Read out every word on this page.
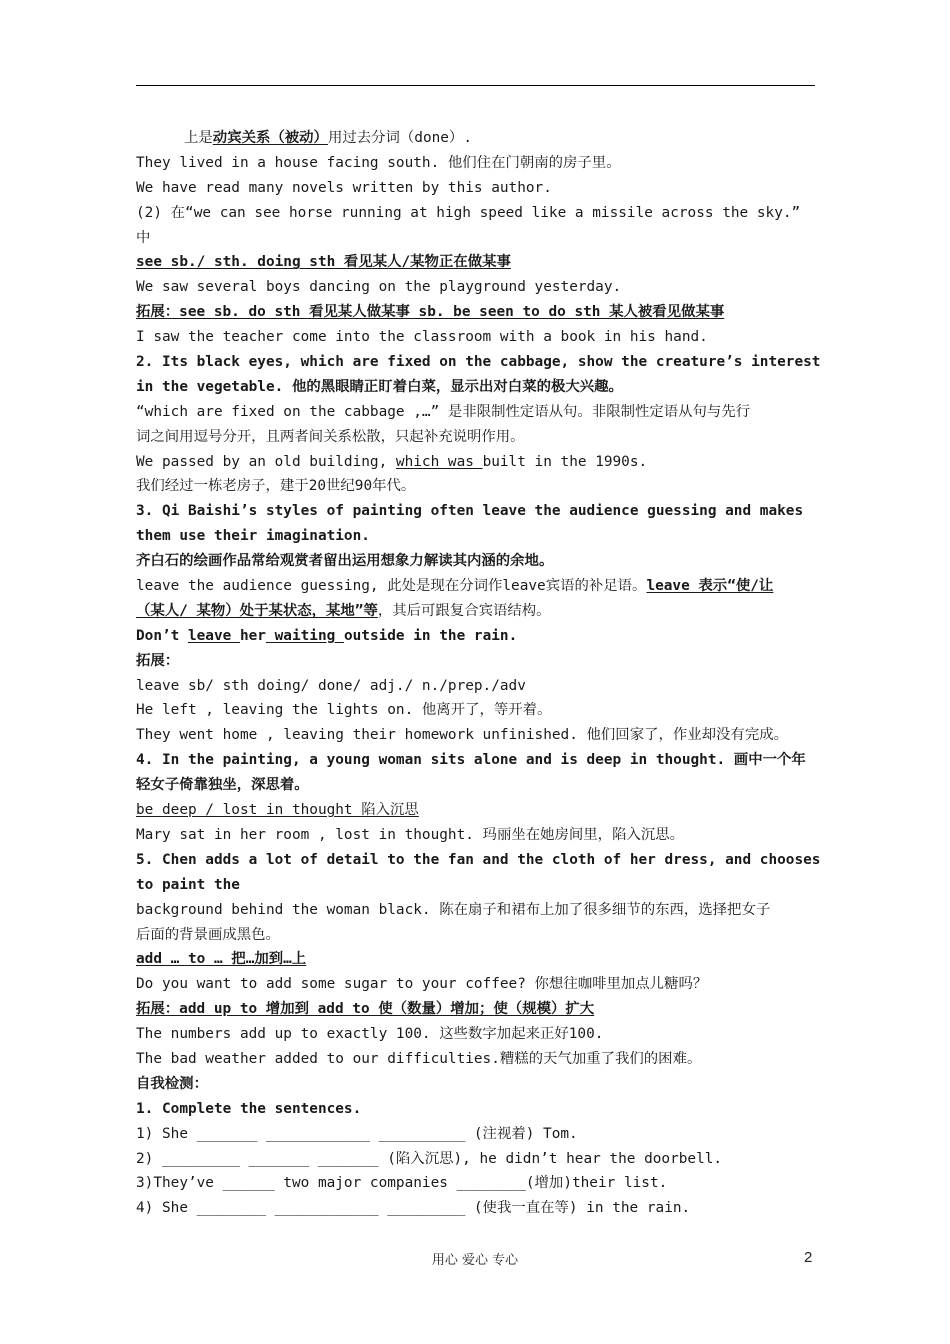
上是动宾关系（被动）用过去分词（done）.
They lived in a house facing south. 他们住在门朝南的房子里。
We have read many novels written by this author.
(2) 在“we can see horse running at high speed like a missile across the sky.”
中
see sb./ sth. doing sth 看见某人/某物正在做某事
We saw several boys dancing on the playground yesterday.
拓展：see sb. do sth 看见某人做某事 sb. be seen to do sth 某人被看见做某事
I saw the teacher come into the classroom with a book in his hand.
2. Its black eyes, which are fixed on the cabbage, show the creature’s interest
in the vegetable. 他的黑眼睛正盯着白菜，显示出对白菜的极大兴趣。
“which are fixed on the cabbage ,…” 是非限制性定语从句。非限制性定语从句与先行
词之间用逗号分开，且两者间关系松散，只起补充说明作用。
We passed by an old building, which was built in the 1990s.
我们经过一栋老房子，建于20世纪90年代。
3. Qi Baishi’s styles of painting often leave the audience guessing and makes
them use their imagination.
齐白石的绘画作品常给观赏者留出运用想象力解读其内涵的余地。
leave the audience guessing, 此处是现在分词作leave宾语的补足语。leave 表示“使/让
（某人/ 某物）处于某状态，某地”等，其后可跟复合宾语结构。
Don’t leave her waiting outside in the rain.
拓展：
leave sb/ sth doing/ done/ adj./ n./prep./adv
He left , leaving the lights on. 他离开了，等开着。
They went home , leaving their homework unfinished. 他们回家了，作业却没有完成。
4. In the painting, a young woman sits alone and is deep in thought. 画中一个年
轻女子倚靠独坐，深思着。
be deep / lost in thought 陷入沉思
Mary sat in her room , lost in thought. 玛丽坐在她房间里，陷入沉思。
5. Chen adds a lot of detail to the fan and the cloth of her dress, and chooses
to paint the
background behind the woman black. 陈在扇子和裙布上加了很多细节的东西，选择把女子
后面的背景画成黑色。
add … to … 把…加到…上
Do you want to add some sugar to your coffee? 你想往咖啡里加点儿糖吗？
拓展：add up to 增加到 add to 使（数量）增加；使（规模）扩大
The numbers add up to exactly 100. 这些数字加起来正好100.
The bad weather added to our difficulties.糟糕的天气加重了我们的困难。
自我检测：
1. Complete the sentences.
1) She _______ ____________ __________ (注视着) Tom.
2) _________ _______ _______ (陷入沉思), he didn’t hear the doorbell.
3)They’ve ______ two major companies ________(增加)their list.
4) She ________ ____________ _________ (使我一直在等) in the rain.
用心 爱心 专心	2
